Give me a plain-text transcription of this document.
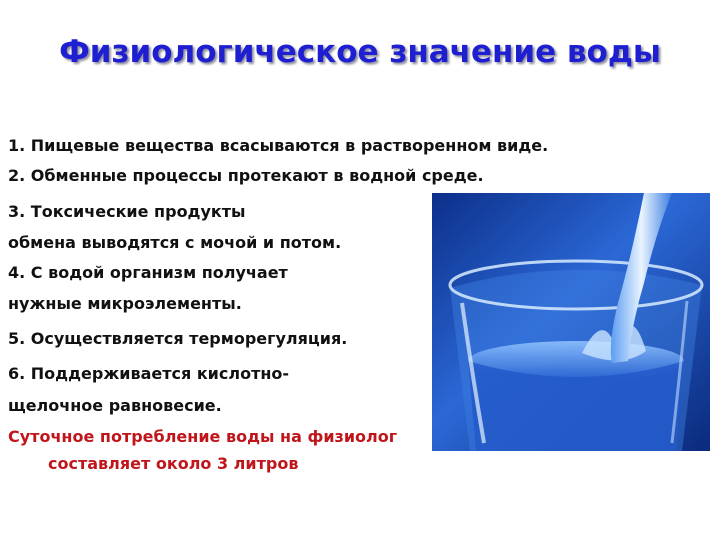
Физиологическое значение воды
1. Пищевые вещества всасываются в растворенном виде.
2. Обменные процессы протекают в водной среде.
3. Токсические продукты
обмена выводятся с мочой и потом.
4. С водой организм получает
нужные микроэлементы.
5. Осуществляется терморегуляция.
6. Поддерживается кислотно-
щелочное равновесие.
Суточное потребление воды на физиолог
составляет около 3 литров
